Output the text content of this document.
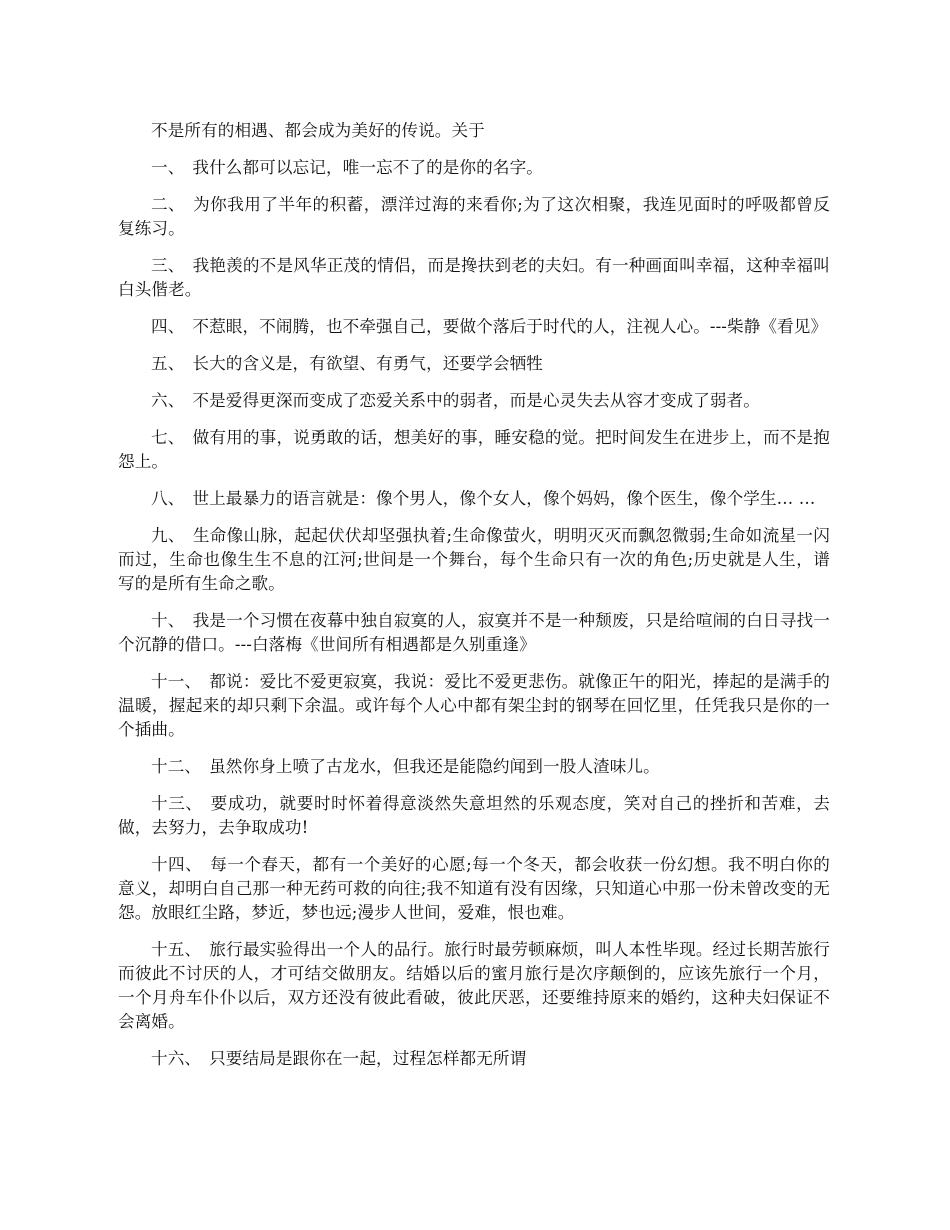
不是所有的相遇、都会成为美好的传说。关于

一、 我什么都可以忘记，唯一忘不了的是你的名字。

二、 为你我用了半年的积蓄，漂洋过海的来看你;为了这次相聚，我连见面时的呼吸都曾反复练习。

三、 我艳羡的不是风华正茂的情侣，而是搀扶到老的夫妇。有一种画面叫幸福，这种幸福叫白头偕老。

四、 不惹眼，不闹腾，也不牵强自己，要做个落后于时代的人，注视人心。---柴静《看见》

五、 长大的含义是，有欲望、有勇气，还要学会牺牲

六、 不是爱得更深而变成了恋爱关系中的弱者，而是心灵失去从容才变成了弱者。

七、 做有用的事，说勇敢的话，想美好的事，睡安稳的觉。把时间发生在进步上，而不是抱怨上。

八、 世上最暴力的语言就是：像个男人，像个女人，像个妈妈，像个医生，像个学生… …

九、 生命像山脉，起起伏伏却坚强执着;生命像萤火，明明灭灭而飘忽微弱;生命如流星一闪而过，生命也像生生不息的江河;世间是一个舞台，每个生命只有一次的角色;历史就是人生，谱写的是所有生命之歌。

十、 我是一个习惯在夜幕中独自寂寞的人，寂寞并不是一种颓废，只是给喧闹的白日寻找一个沉静的借口。---白落梅《世间所有相遇都是久别重逢》

十一、 都说：爱比不爱更寂寞，我说：爱比不爱更悲伤。就像正午的阳光，捧起的是满手的温暖，握起来的却只剩下余温。或许每个人心中都有架尘封的钢琴在回忆里，任凭我只是你的一个插曲。

十二、 虽然你身上喷了古龙水，但我还是能隐约闻到一股人渣味儿。

十三、 要成功，就要时时怀着得意淡然失意坦然的乐观态度，笑对自己的挫折和苦难，去做，去努力，去争取成功!

十四、 每一个春天，都有一个美好的心愿;每一个冬天，都会收获一份幻想。我不明白你的意义，却明白自己那一种无药可救的向往;我不知道有没有因缘，只知道心中那一份未曾改变的无怨。放眼红尘路，梦近，梦也远;漫步人世间，爱难，恨也难。

十五、 旅行最实验得出一个人的品行。旅行时最劳顿麻烦，叫人本性毕现。经过长期苦旅行而彼此不讨厌的人，才可结交做朋友。结婚以后的蜜月旅行是次序颠倒的，应该先旅行一个月，一个月舟车仆仆以后，双方还没有彼此看破，彼此厌恶，还要维持原来的婚约，这种夫妇保证不会离婚。

十六、 只要结局是跟你在一起，过程怎样都无所谓
